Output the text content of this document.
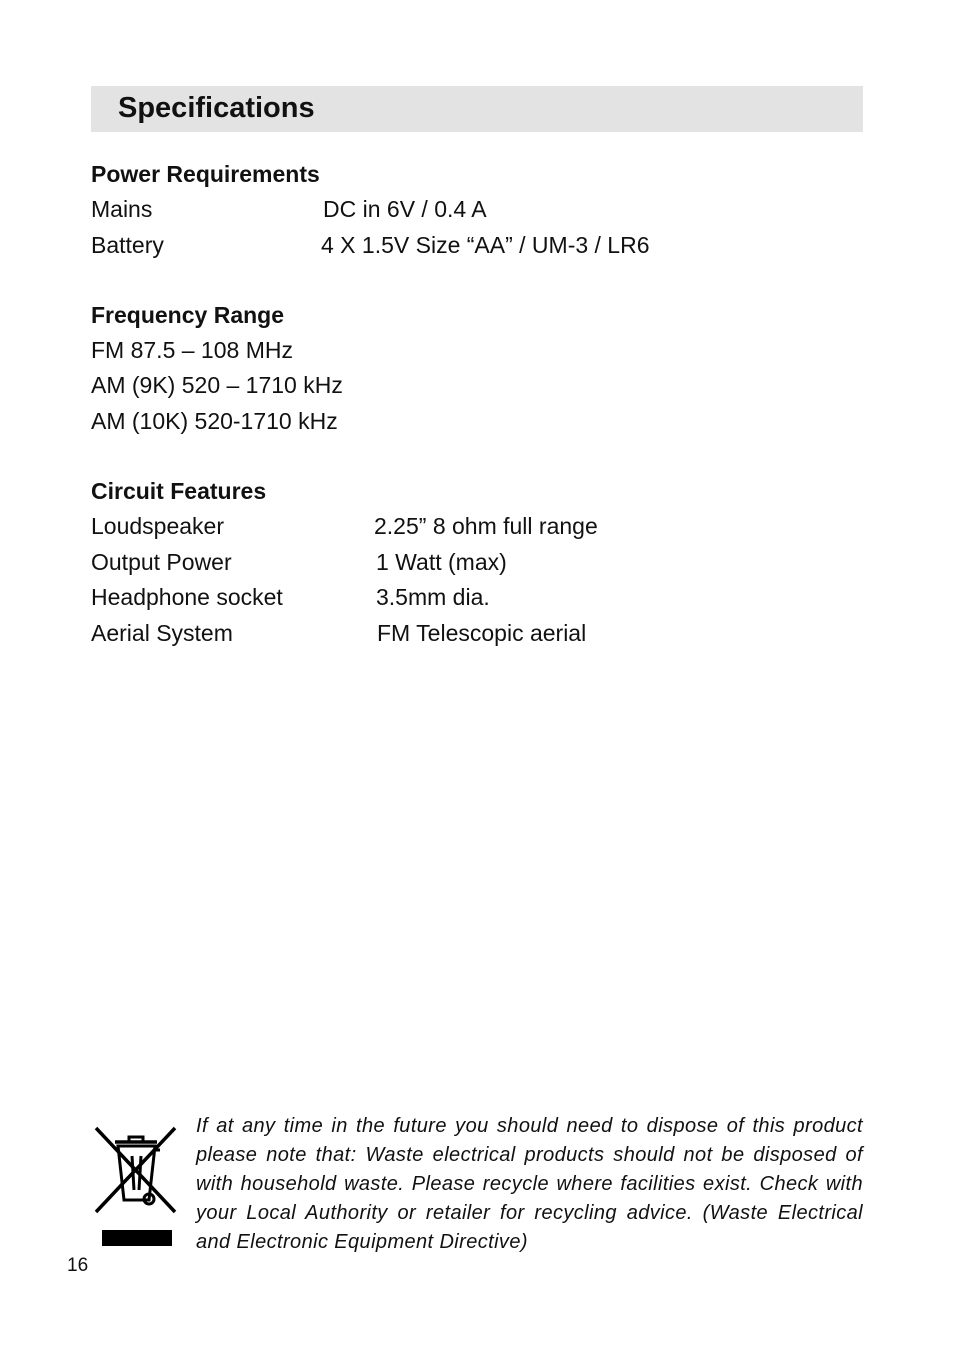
Specifications
Power Requirements
Mains	DC in 6V / 0.4 A
Battery	4 X 1.5V Size “AA” / UM-3 / LR6
Frequency Range
FM 87.5 – 108 MHz
AM (9K) 520 – 1710 kHz
AM (10K) 520-1710 kHz
Circuit Features
Loudspeaker	2.25” 8 ohm full range
Output Power	1 Watt (max)
Headphone socket	3.5mm dia.
Aerial System	FM Telescopic aerial

If at any time in the future you should need to dispose of this product please note that: Waste electrical products should not be disposed of with household waste. Please recycle where facilities exist. Check with your Local Authority or retailer for recycling advice. (Waste Electrical and Electronic Equipment Directive)

16
